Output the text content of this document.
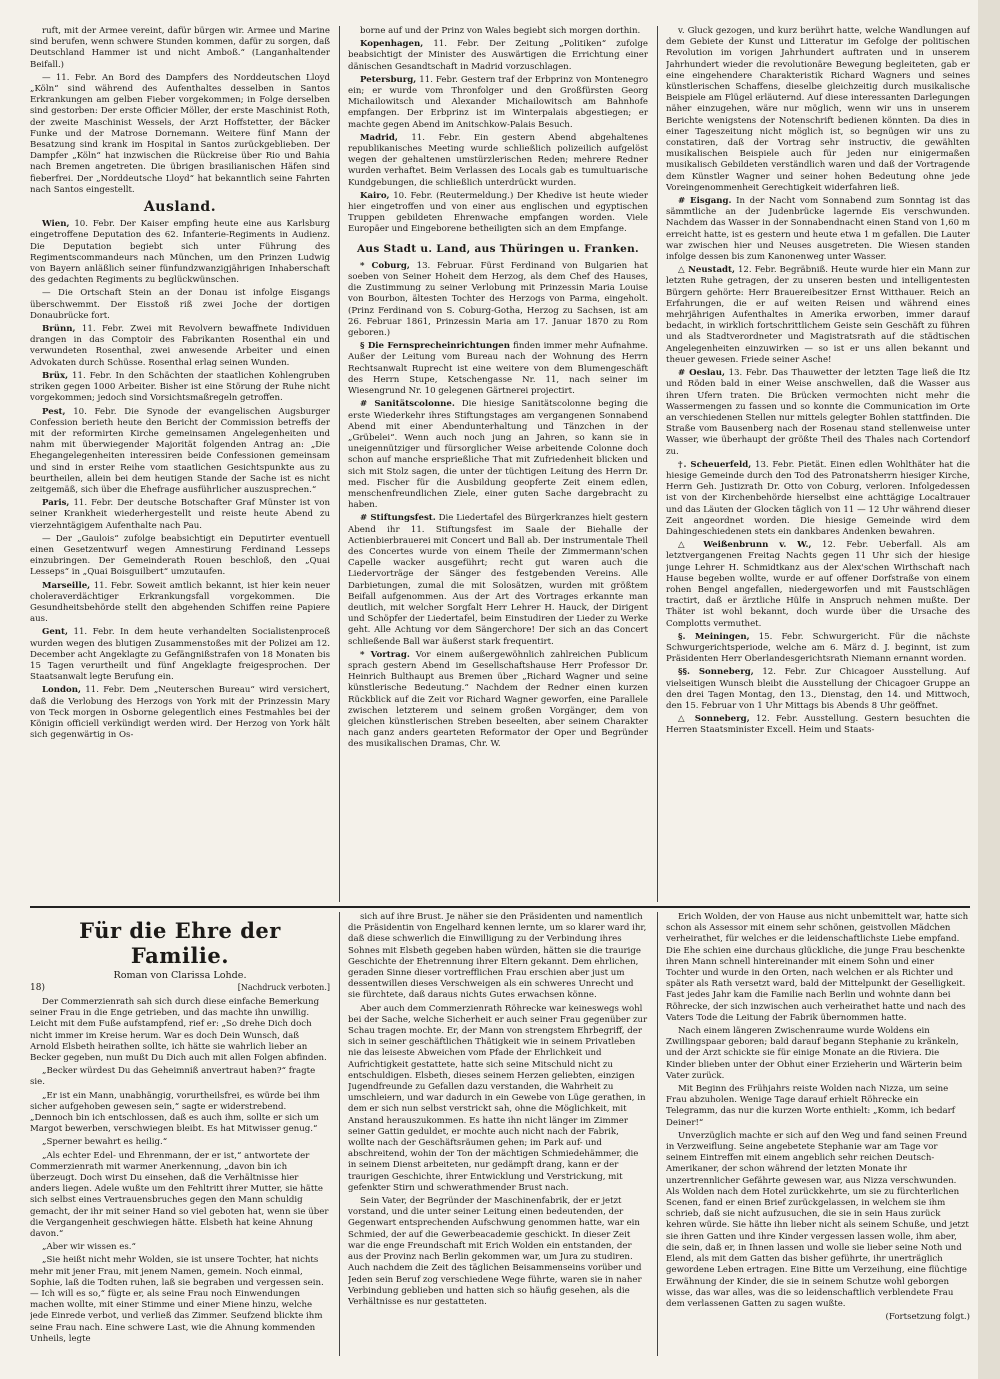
ruft, mit der Armee vereint, dafür bürgen wir. Armee und Marine sind berufen, wenn schwere Stunden kommen, dafür zu sorgen, daß Deutschland Hammer ist und nicht Amboß.“ (Langanhaltender Beifall.)

— 11. Febr. An Bord des Dampfers des Norddeutschen Lloyd „Köln“ sind während des Aufenthaltes desselben in Santos Erkrankungen am gelben Fieber vorgekommen; in Folge derselben sind gestorben: Der erste Officier Möller, der erste Maschinist Roth, der zweite Maschinist Wessels, der Arzt Hoffstetter, der Bäcker Funke und der Matrose Dornemann. Weitere fünf Mann der Besatzung sind krank im Hospital in Santos zurückgeblieben. Der Dampfer „Köln“ hat inzwischen die Rückreise über Rio und Bahia nach Bremen angetreten. Die übrigen brasilianischen Häfen sind fieberfrei. Der „Norddeutsche Lloyd“ hat bekanntlich seine Fahrten nach Santos eingestellt.

Ausland.

Wien, 10. Febr. Der Kaiser empfing heute eine aus Karlsburg eingetroffene Deputation des 62. Infanterie-Regiments in Audienz. Die Deputation begiebt sich unter Führung des Regimentscommandeurs nach München, um den Prinzen Ludwig von Bayern anläßlich seiner fünfundzwanzigjährigen Inhaberschaft des gedachten Regiments zu beglückwünschen.

— Die Ortschaft Stein an der Donau ist infolge Eisgangs überschwemmt. Der Eisstoß riß zwei Joche der dortigen Donaubrücke fort.

Brünn, 11. Febr. Zwei mit Revolvern bewaffnete Individuen drangen in das Comptoir des Fabrikanten Rosenthal ein und verwundeten Rosenthal, zwei anwesende Arbeiter und einen Advokaten durch Schüsse. Rosenthal erlag seinen Wunden.

Brüx, 11. Febr. In den Schächten der staatlichen Kohlengruben striken gegen 1000 Arbeiter. Bisher ist eine Störung der Ruhe nicht vorgekommen; jedoch sind Vorsichtsmaßregeln getroffen.

Pest, 10. Febr. Die Synode der evangelischen Augsburger Confession berieth heute den Bericht der Commission betreffs der mit der reformirten Kirche gemeinsamen Angelegenheiten und nahm mit überwiegender Majorität folgenden Antrag an: „Die Ehegangelegenheiten interessiren beide Confessionen gemeinsam und sind in erster Reihe vom staatlichen Gesichtspunkte aus zu beurtheilen, allein bei dem heutigen Stande der Sache ist es nicht zeitgemäß, sich über die Ehefrage ausführlicher auszusprechen.“

Paris, 11. Febr. Der deutsche Botschafter Graf Münster ist von seiner Krankheit wiederhergestellt und reiste heute Abend zu vierzehntägigem Aufenthalte nach Pau.

— Der „Gaulois“ zufolge beabsichtigt ein Deputirter eventuell einen Gesetzentwurf wegen Amnestirung Ferdinand Lesseps einzubringen. Der Gemeinderath Rouen beschloß, den „Quai Lesseps“ in „Quai Boisguilbert“ umzutaufen.

Marseille, 11. Febr. Soweit amtlich bekannt, ist hier kein neuer choleraverdächtiger Erkrankungsfall vorgekommen. Die Gesundheitsbehörde stellt den abgehenden Schiffen reine Papiere aus.

Gent, 11. Febr. In dem heute verhandelten Socialistenproceß wurden wegen des blutigen Zusammenstoßes mit der Polizei am 12. December acht Angeklagte zu Gefängnißstrafen von 18 Monaten bis 15 Tagen verurtheilt und fünf Angeklagte freigesprochen. Der Staatsanwalt legte Berufung ein.

London, 11. Febr. Dem „Neuterschen Bureau“ wird versichert, daß die Verlobung des Herzogs von York mit der Prinzessin Mary von Teck morgen in Osborne gelegentlich eines Festmahles bei der Königin officiell verkündigt werden wird. Der Herzog von York hält sich gegenwärtig in Os-

borne auf und der Prinz von Wales begiebt sich morgen dorthin.

Kopenhagen, 11. Febr. Der Zeitung „Politiken“ zufolge beabsichtigt der Minister des Auswärtigen die Errichtung einer dänischen Gesandtschaft in Madrid vorzuschlagen.

Petersburg, 11. Febr. Gestern traf der Erbprinz von Montenegro ein; er wurde vom Thronfolger und den Großfürsten Georg Michailowitsch und Alexander Michailowitsch am Bahnhofe empfangen. Der Erbprinz ist im Winterpalais abgestiegen; er machte gegen Abend im Anitschkow-Palais Besuch.

Madrid, 11. Febr. Ein gestern Abend abgehaltenes republikanisches Meeting wurde schließlich polizeilich aufgelöst wegen der gehaltenen umstürzlerischen Reden; mehrere Redner wurden verhaftet. Beim Verlassen des Locals gab es tumultuarische Kundgebungen, die schließlich unterdrückt wurden.

Kairo, 10. Febr. (Reutermeldung.) Der Khedive ist heute wieder hier eingetroffen und von einer aus englischen und egyptischen Truppen gebildeten Ehrenwache empfangen worden. Viele Europäer und Eingeborene betheiligten sich an dem Empfange.

Aus Stadt u. Land, aus Thüringen u. Franken.

* Coburg, 13. Februar. Fürst Ferdinand von Bulgarien hat soeben von Seiner Hoheit dem Herzog, als dem Chef des Hauses, die Zustimmung zu seiner Verlobung mit Prinzessin Maria Louise von Bourbon, ältesten Tochter des Herzogs von Parma, eingeholt. (Prinz Ferdinand von S. Coburg-Gotha, Herzog zu Sachsen, ist am 26. Februar 1861, Prinzessin Maria am 17. Januar 1870 zu Rom geboren.)

§ Die Fernsprecheinrichtungen finden immer mehr Aufnahme. Außer der Leitung vom Bureau nach der Wohnung des Herrn Rechtsanwalt Ruprecht ist eine weitere von dem Blumengeschäft des Herrn Stupe, Ketschengasse Nr. 11, nach seiner im Wiesengrund Nr. 10 gelegenen Gärtnerei projectirt.

# Sanitätscolonne. Die hiesige Sanitätscolonne beging die erste Wiederkehr ihres Stiftungstages am vergangenen Sonnabend Abend mit einer Abendunterhaltung und Tänzchen in der „Grübelei“. Wenn auch noch jung an Jahren, so kann sie in uneigennütziger und fürsorglicher Weise arbeitende Colonne doch schon auf manche ersprießliche That mit Zufriedenheit blicken und sich mit Stolz sagen, die unter der tüchtigen Leitung des Herrn Dr. med. Fischer für die Ausbildung geopferte Zeit einem edlen, menschenfreundlichen Ziele, einer guten Sache dargebracht zu haben.

# Stiftungsfest. Die Liedertafel des Bürgerkranzes hielt gestern Abend ihr 11. Stiftungsfest im Saale der Biehalle der Actienbierbrauerei mit Concert und Ball ab. Der instrumentale Theil des Concertes wurde von einem Theile der Zimmermann'schen Capelle wacker ausgeführt; recht gut waren auch die Liedervorträge der Sänger des festgebenden Vereins. Alle Darbietungen, zumal die mit Solosätzen, wurden mit größtem Beifall aufgenommen. Aus der Art des Vortrages erkannte man deutlich, mit welcher Sorgfalt Herr Lehrer H. Hauck, der Dirigent und Schöpfer der Liedertafel, beim Einstudiren der Lieder zu Werke geht. Alle Achtung vor dem Sängerchore! Der sich an das Concert schließende Ball war äußerst stark frequentirt.

* Vortrag. Vor einem außergewöhnlich zahlreichen Publicum sprach gestern Abend im Gesellschaftshause Herr Professor Dr. Heinrich Bulthaupt aus Bremen über „Richard Wagner und seine künstlerische Bedeutung.“ Nachdem der Redner einen kurzen Rückblick auf die Zeit vor Richard Wagner geworfen, eine Parallele zwischen letzterem und seinem großen Vorgänger, dem von gleichen künstlerischen Streben beseelten, aber seinem Charakter nach ganz anders gearteten Reformator der Oper und Begründer des musikalischen Dramas, Chr. W.

v. Gluck gezogen, und kurz berührt hatte, welche Wandlungen auf dem Gebiete der Kunst und Litteratur im Gefolge der politischen Revolution im vorigen Jahrhundert auftraten und in unserem Jahrhundert wieder die revolutionäre Bewegung begleiteten, gab er eine eingehendere Charakteristik Richard Wagners und seines künstlerischen Schaffens, dieselbe gleichzeitig durch musikalische Beispiele am Flügel erläuternd. Auf diese interessanten Darlegungen näher einzugehen, wäre nur möglich, wenn wir uns in unserem Berichte wenigstens der Notenschrift bedienen könnten. Da dies in einer Tageszeitung nicht möglich ist, so begnügen wir uns zu constatiren, daß der Vortrag sehr instructiv, die gewählten musikalischen Beispiele auch für jeden nur einigermaßen musikalisch Gebildeten verständlich waren und daß der Vortragende dem Künstler Wagner und seiner hohen Bedeutung ohne jede Voreingenommenheit Gerechtigkeit widerfahren ließ.

# Eisgang. In der Nacht vom Sonnabend zum Sonntag ist das sämmtliche an der Judenbrücke lagernde Eis verschwunden. Nachdem das Wasser in der Sonnabendnacht einen Stand von 1,60 m erreicht hatte, ist es gestern und heute etwa 1 m gefallen. Die Lauter war zwischen hier und Neuses ausgetreten. Die Wiesen standen infolge dessen bis zum Kanonenweg unter Wasser.

△ Neustadt, 12. Febr. Begräbniß. Heute wurde hier ein Mann zur letzten Ruhe getragen, der zu unseren besten und intelligentesten Bürgern gehörte: Herr Brauereibesitzer Ernst Witthauer. Reich an Erfahrungen, die er auf weiten Reisen und während eines mehrjährigen Aufenthaltes in Amerika erworben, immer darauf bedacht, in wirklich fortschrittlichem Geiste sein Geschäft zu führen und als Stadtverordneter und Magistratsrath auf die städtischen Angelegenheiten einzuwirken — so ist er uns allen bekannt und theuer gewesen. Friede seiner Asche!

# Oeslau, 13. Febr. Das Thauwetter der letzten Tage ließ die Itz und Röden bald in einer Weise anschwellen, daß die Wasser aus ihren Ufern traten. Die Brücken vermochten nicht mehr die Wassermengen zu fassen und so konnte die Communication im Orte an verschiedenen Stellen nur mittels gelegter Bohlen stattfinden. Die Straße vom Bausenberg nach der Rosenau stand stellenweise unter Wasser, wie überhaupt der größte Theil des Thales nach Cortendorf zu.

†. Scheuerfeld, 13. Febr. Pietät. Einen edlen Wohlthäter hat die hiesige Gemeinde durch den Tod des Patronatsherrn hiesiger Kirche, Herrn Geh. Justizrath Dr. Otto von Coburg, verloren. Infolgedessen ist von der Kirchenbehörde hierselbst eine achttägige Localtrauer und das Läuten der Glocken täglich von 11 — 12 Uhr während dieser Zeit angeordnet worden. Die hiesige Gemeinde wird dem Dahingeschiedenen stets ein dankbares Andenken bewahren.

△ Weißenbrunn v. W., 12. Febr. Ueberfall. Als am letztvergangenen Freitag Nachts gegen 11 Uhr sich der hiesige junge Lehrer H. Schmidtkanz aus der Alex'schen Wirthschaft nach Hause begeben wollte, wurde er auf offener Dorfstraße von einem rohen Bengel angefallen, niedergeworfen und mit Faustschlägen tractirt, daß er ärztliche Hülfe in Anspruch nehmen mußte. Der Thäter ist wohl bekannt, doch wurde über die Ursache des Complotts vermuthet.

§. Meiningen, 15. Febr. Schwurgericht. Für die nächste Schwurgerichtsperiode, welche am 6. März d. J. beginnt, ist zum Präsidenten Herr Oberlandesgerichtsrath Niemann ernannt worden.

§§. Sonneberg, 12. Febr. Zur Chicagoer Ausstellung. Auf vielseitigen Wunsch bleibt die Ausstellung der Chicagoer Gruppe an den drei Tagen Montag, den 13., Dienstag, den 14. und Mittwoch, den 15. Februar von 1 Uhr Mittags bis Abends 8 Uhr geöffnet.

△ Sonneberg, 12. Febr. Ausstellung. Gestern besuchten die Herren Staatsminister Excell. Heim und Staats-

Für die Ehre der Familie.
Roman von Clarissa Lohde.
18)	[Nachdruck verboten.]

Der Commerzienrath sah sich durch diese einfache Bemerkung seiner Frau in die Enge getrieben, und das machte ihn unwillig. Leicht mit dem Fuße aufstampfend, rief er: „So drehe Dich doch nicht immer im Kreise herum. War es doch Dein Wunsch, daß Arnold Elsbeth heirathen sollte, ich hätte sie wahrlich lieber an Becker gegeben, nun mußt Du Dich auch mit allen Folgen abfinden.

„Becker würdest Du das Geheimniß anvertraut haben?“ fragte sie.

„Er ist ein Mann, unabhängig, vorurtheilsfrei, es würde bei ihm sicher aufgehoben gewesen sein,“ sagte er widerstrebend. „Dennoch bin ich entschlossen, daß es auch ihm, sollte er sich um Margot bewerben, verschwiegen bleibt. Es hat Mitwisser genug.“

„Sperner bewahrt es heilig.“

„Als echter Edel- und Ehrenmann, der er ist,“ antwortete der Commerzienrath mit warmer Anerkennung, „davon bin ich überzeugt. Doch wirst Du einsehen, daß die Verhältnisse hier anders liegen. Adele wußte um den Fehltritt ihrer Mutter, sie hätte sich selbst eines Vertrauensbruches gegen den Mann schuldig gemacht, der ihr mit seiner Hand so viel geboten hat, wenn sie über die Vergangenheit geschwiegen hätte. Elsbeth hat keine Ahnung davon.“

„Aber wir wissen es.“

„Sie heißt nicht mehr Wolden, sie ist unsere Tochter, hat nichts mehr mit jener Frau, mit jenem Namen, gemein. Noch einmal, Sophie, laß die Todten ruhen, laß sie begraben und vergessen sein. — Ich will es so,“ fügte er, als seine Frau noch Einwendungen machen wollte, mit einer Stimme und einer Miene hinzu, welche jede Einrede verbot, und verließ das Zimmer. Seufzend blickte ihm seine Frau nach. Eine schwere Last, wie die Ahnung kommenden Unheils, legte

sich auf ihre Brust. Je näher sie den Präsidenten und namentlich die Präsidentin von Engelhard kennen lernte, um so klarer ward ihr, daß diese schwerlich die Einwilligung zu der Verbindung ihres Sohnes mit Elsbeth gegeben haben würden, hätten sie die traurige Geschichte der Ehetrennung ihrer Eltern gekannt. Dem ehrlichen, geraden Sinne dieser vortrefflichen Frau erschien aber just um dessentwillen dieses Verschweigen als ein schweres Unrecht und sie fürchtete, daß daraus nichts Gutes erwachsen könne.

Aber auch dem Commerzienrath Röhrecke war keineswegs wohl bei der Sache, welche Sicherheit er auch seiner Frau gegenüber zur Schau tragen mochte. Er, der Mann von strengstem Ehrbegriff, der sich in seiner geschäftlichen Thätigkeit wie in seinem Privatleben nie das leiseste Abweichen vom Pfade der Ehrlichkeit und Aufrichtigkeit gestattete, hatte sich seine Mitschuld nicht zu entschuldigen. Elsbeth, dieses seinem Herzen geliebten, einzigen Jugendfreunde zu Gefallen dazu verstanden, die Wahrheit zu umschleiern, und war dadurch in ein Gewebe von Lüge gerathen, in dem er sich nun selbst verstrickt sah, ohne die Möglichkeit, mit Anstand herauszukommen. Es hatte ihn nicht länger im Zimmer seiner Gattin geduldet, er mochte auch nicht nach der Fabrik, wollte nach der Geschäftsräumen gehen; im Park auf- und abschreitend, wohin der Ton der mächtigen Schmiedehämmer, die in seinem Dienst arbeiteten, nur gedämpft drang, kann er der traurigen Geschichte, ihrer Entwicklung und Verstrickung, mit gefenkter Stirn und schwerathmender Brust nach.

Sein Vater, der Begründer der Maschinenfabrik, der er jetzt vorstand, und die unter seiner Leitung einen bedeutenden, der Gegenwart entsprechenden Aufschwung genommen hatte, war ein Schmied, der auf die Gewerbeacademie geschickt. In dieser Zeit war die enge Freundschaft mit Erich Wolden ein entstanden, der aus der Provinz nach Berlin gekommen war, um Jura zu studiren. Auch nachdem die Zeit des täglichen Beisammenseins vorüber und Jeden sein Beruf zog verschiedene Wege führte, waren sie in naher Verbindung geblieben und hatten sich so häufig gesehen, als die Verhältnisse es nur gestatteten.

Erich Wolden, der von Hause aus nicht unbemittelt war, hatte sich schon als Assessor mit einem sehr schönen, geistvollen Mädchen verheirathet, für welches er die leidenschaftlichste Liebe empfand. Die Ehe schien eine durchaus glückliche, die junge Frau beschenkte ihren Mann schnell hintereinander mit einem Sohn und einer Tochter und wurde in den Orten, nach welchen er als Richter und später als Rath versetzt ward, bald der Mittelpunkt der Geselligkeit. Fast jedes Jahr kam die Familie nach Berlin und wohnte dann bei Röhrecke, der sich inzwischen auch verheirathet hatte und nach des Vaters Tode die Leitung der Fabrik übernommen hatte.

Nach einem längeren Zwischenraume wurde Woldens ein Zwillingspaar geboren; bald darauf begann Stephanie zu kränkeln, und der Arzt schickte sie für einige Monate an die Riviera. Die Kinder blieben unter der Obhut einer Erzieherin und Wärterin beim Vater zurück.

Mit Beginn des Frühjahrs reiste Wolden nach Nizza, um seine Frau abzuholen. Wenige Tage darauf erhielt Röhrecke ein Telegramm, das nur die kurzen Worte enthielt: „Komm, ich bedarf Deiner!“

Unverzüglich machte er sich auf den Weg und fand seinen Freund in Verzweiflung. Seine angebetete Stephanie war am Tage vor seinem Eintreffen mit einem angeblich sehr reichen Deutsch-Amerikaner, der schon während der letzten Monate ihr unzertrennlicher Gefährte gewesen war, aus Nizza verschwunden. Als Wolden nach dem Hotel zurückkehrte, um sie zu fürchterlichen Scenen, fand er einen Brief zurückgelassen, in welchem sie ihm schrieb, daß sie nicht aufzusuchen, die sie in sein Haus zurück kehren würde. Sie hätte ihn lieber nicht als seinem Schuße, und jetzt sie ihren Gatten und ihre Kinder vergessen lassen wolle, ihm aber, die sein, daß er, in Ihnen lassen und wolle sie lieber seine Noth und Elend, als mit dem Gatten das bisher geführte, ihr unerträglich gewordene Leben ertragen. Eine Bitte um Verzeihung, eine flüchtige Erwähnung der Kinder, die sie in seinem Schutze wohl geborgen wisse, das war alles, was die so leidenschaftlich verblendete Frau dem verlassenen Gatten zu sagen wußte.

(Fortsetzung folgt.)
